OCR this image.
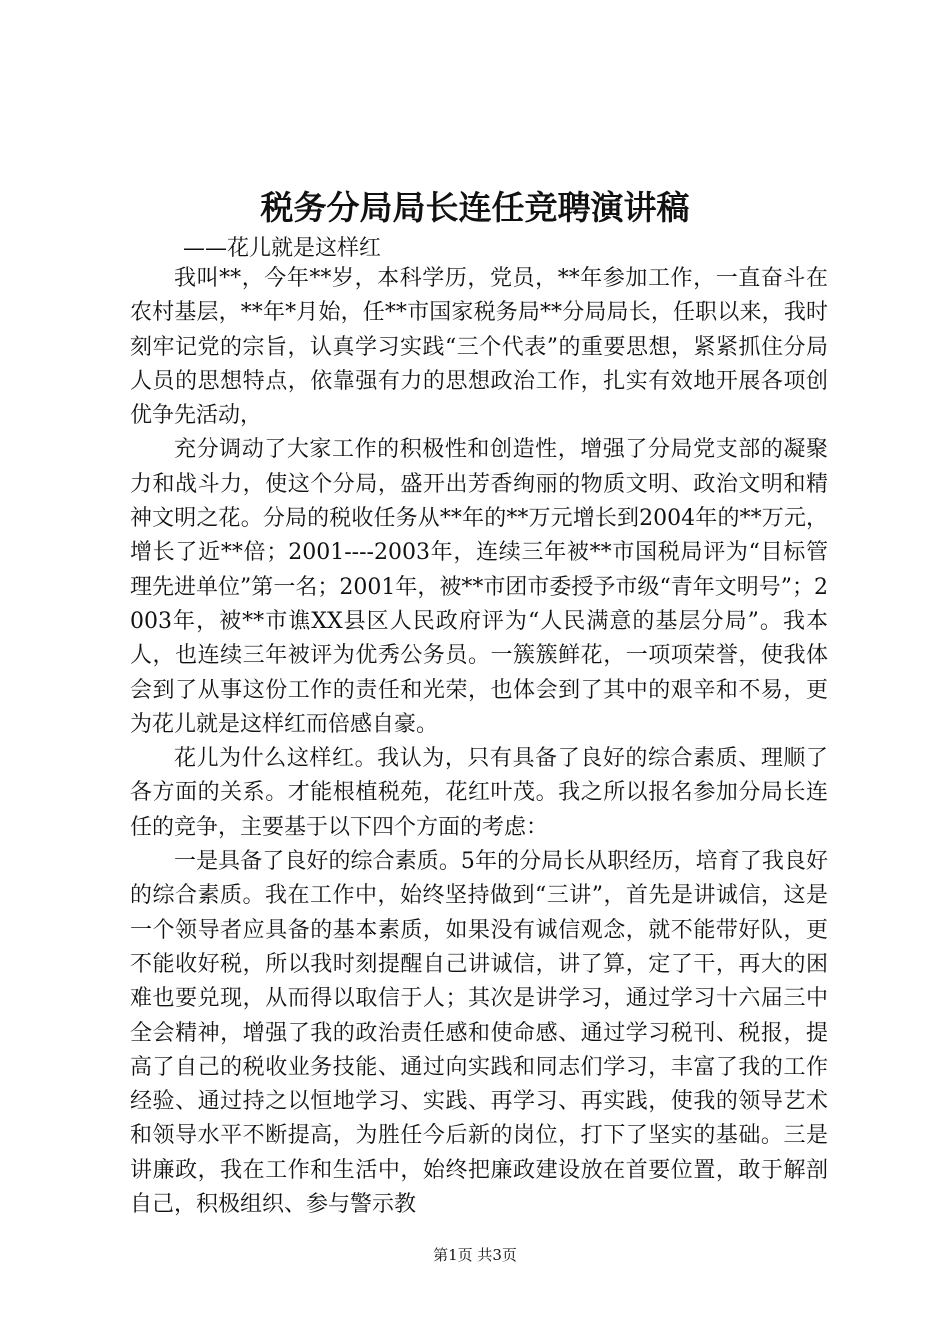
税务分局局长连任竞聘演讲稿
——花儿就是这样红

我叫**，今年**岁，本科学历，党员，**年参加工作，一直奋斗在农村基层，**年*月始，任**市国家税务局**分局局长，任职以来，我时刻牢记党的宗旨，认真学习实践“三个代表”的重要思想，紧紧抓住分局人员的思想特点，依靠强有力的思想政治工作，扎实有效地开展各项创优争先活动，

充分调动了大家工作的积极性和创造性，增强了分局党支部的凝聚力和战斗力，使这个分局，盛开出芳香绚丽的物质文明、政治文明和精神文明之花。分局的税收任务从**年的**万元增长到2004年的**万元，增长了近**倍；2001----2003年，连续三年被**市国税局评为“目标管理先进单位”第一名；2001年，被**市团市委授予市级“青年文明号”；2003年，被**市谯XX县区人民政府评为“人民满意的基层分局”。我本人，也连续三年被评为优秀公务员。一簇簇鲜花，一项项荣誉，使我体会到了从事这份工作的责任和光荣，也体会到了其中的艰辛和不易，更为花儿就是这样红而倍感自豪。

花儿为什么这样红。我认为，只有具备了良好的综合素质、理顺了各方面的关系。才能根植税苑，花红叶茂。我之所以报名参加分局长连任的竞争，主要基于以下四个方面的考虑：

一是具备了良好的综合素质。5年的分局长从职经历，培育了我良好的综合素质。我在工作中，始终坚持做到“三讲”，首先是讲诚信，这是一个领导者应具备的基本素质，如果没有诚信观念，就不能带好队，更不能收好税，所以我时刻提醒自己讲诚信，讲了算，定了干，再大的困难也要兑现，从而得以取信于人；其次是讲学习，通过学习十六届三中全会精神，增强了我的政治责任感和使命感、通过学习税刊、税报，提高了自己的税收业务技能、通过向实践和同志们学习，丰富了我的工作经验、通过持之以恒地学习、实践、再学习、再实践，使我的领导艺术和领导水平不断提高，为胜任今后新的岗位，打下了坚实的基础。三是讲廉政，我在工作和生活中，始终把廉政建设放在首要位置，敢于解剖自己，积极组织、参与警示教

第1页 共3页
